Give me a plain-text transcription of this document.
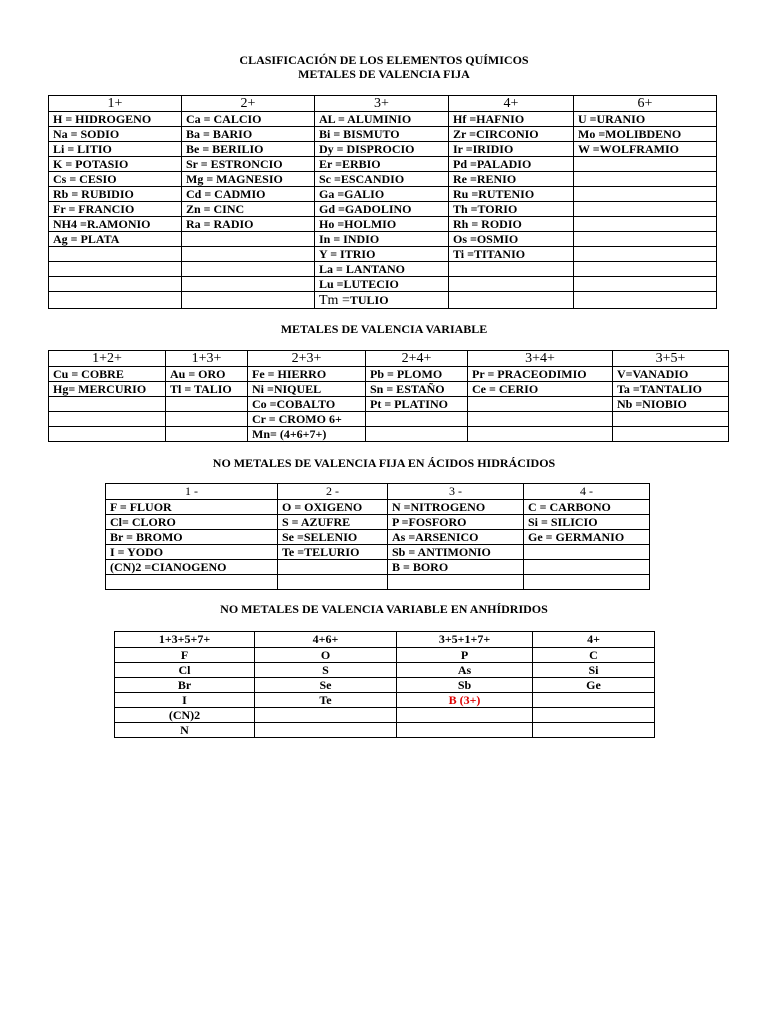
CLASIFICACIÓN DE LOS ELEMENTOS QUÍMICOS
METALES DE VALENCIA FIJA
1+	2+	3+	4+	6+
H = HIDROGENO	Ca = CALCIO	AL = ALUMINIO	Hf =HAFNIO	U =URANIO
Na = SODIO	Ba = BARIO	Bi = BISMUTO	Zr =CIRCONIO	Mo =MOLIBDENO
Li = LITIO	Be = BERILIO	Dy = DISPROCIO	Ir =IRIDIO	W =WOLFRAMIO
K = POTASIO	Sr = ESTRONCIO	Er =ERBIO	Pd =PALADIO	
Cs = CESIO	Mg = MAGNESIO	Sc =ESCANDIO	Re =RENIO	
Rb = RUBIDIO	Cd = CADMIO	Ga =GALIO	Ru =RUTENIO	
Fr = FRANCIO	Zn = CINC	Gd =GADOLINO	Th =TORIO	
NH4 =R.AMONIO	Ra = RADIO	Ho =HOLMIO	Rh = RODIO	
Ag = PLATA		In = INDIO	Os =OSMIO	
		Y = ITRIO	Ti =TITANIO	
		La = LANTANO		
		Lu =LUTECIO		
		Tm =TULIO		
METALES DE VALENCIA VARIABLE
1+2+	1+3+	2+3+	2+4+	3+4+	3+5+
Cu = COBRE	Au = ORO	Fe = HIERRO	Pb = PLOMO	Pr = PRACEODIMIO	V=VANADIO
Hg= MERCURIO	Tl = TALIO	Ni =NIQUEL	Sn = ESTAÑO	Ce = CERIO	Ta =TANTALIO
		Co =COBALTO	Pt = PLATINO		Nb =NIOBIO
		Cr = CROMO 6+			
		Mn= (4+6+7+)			
NO METALES DE VALENCIA FIJA EN ÁCIDOS HIDRÁCIDOS
1 -	2 -	3 -	4 -
F = FLUOR	O = OXIGENO	N =NITROGENO	C = CARBONO
Cl= CLORO	S = AZUFRE	P =FOSFORO	Si = SILICIO
Br = BROMO	Se =SELENIO	As =ARSENICO	Ge = GERMANIO
I = YODO	Te =TELURIO	Sb = ANTIMONIO	
(CN)2 =CIANOGENO		B = BORO	

NO METALES DE VALENCIA VARIABLE EN ANHÍDRIDOS
1+3+5+7+	4+6+	3+5+1+7+	4+
F	O	P	C
Cl	S	As	Si
Br	Se	Sb	Ge
I	Te	B (3+)	
(CN)2			
N			
